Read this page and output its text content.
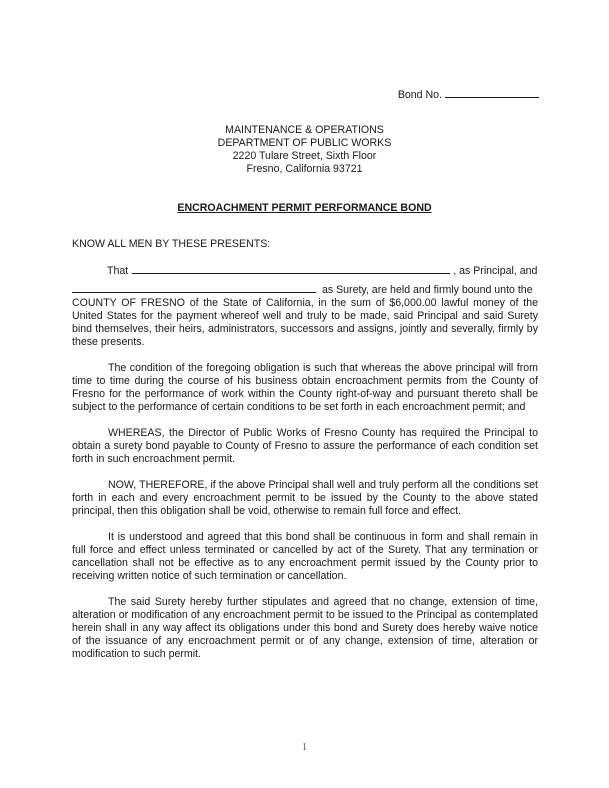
Bond No.
MAINTENANCE & OPERATIONS
DEPARTMENT OF PUBLIC WORKS
2220 Tulare Street, Sixth Floor
Fresno, California 93721
ENCROACHMENT PERMIT PERFORMANCE BOND
KNOW ALL MEN BY THESE PRESENTS:
That	, as Principal, and
as Surety, are held and firmly bound unto the

COUNTY OF FRESNO of the State of California, in the sum of $6,000.00 lawful money of the United States for the payment whereof well and truly to be made, said Principal and said Surety bind themselves, their heirs, administrators, successors and assigns, jointly and severally, firmly by these presents.

The condition of the foregoing obligation is such that whereas the above principal will from time to time during the course of his business obtain encroachment permits from the County of Fresno for the performance of work within the County right-of-way and pursuant thereto shall be subject to the performance of certain conditions to be set forth in each encroachment permit; and

WHEREAS, the Director of Public Works of Fresno County has required the Principal to obtain a surety bond payable to County of Fresno to assure the performance of each condition set forth in such encroachment permit.

NOW, THEREFORE, if the above Principal shall well and truly perform all the conditions set forth in each and every encroachment permit to be issued by the County to the above stated principal, then this obligation shall be void, otherwise to remain full force and effect.

It is understood and agreed that this bond shall be continuous in form and shall remain in full force and effect unless terminated or cancelled by act of the Surety. That any termination or cancellation shall not be effective as to any encroachment permit issued by the County prior to receiving written notice of such termination or cancellation.

The said Surety hereby further stipulates and agreed that no change, extension of time, alteration or modification of any encroachment permit to be issued to the Principal as contemplated herein shall in any way affect its obligations under this bond and Surety does hereby waive notice of the issuance of any encroachment permit or of any change, extension of time, alteration or modification to such permit.

1
